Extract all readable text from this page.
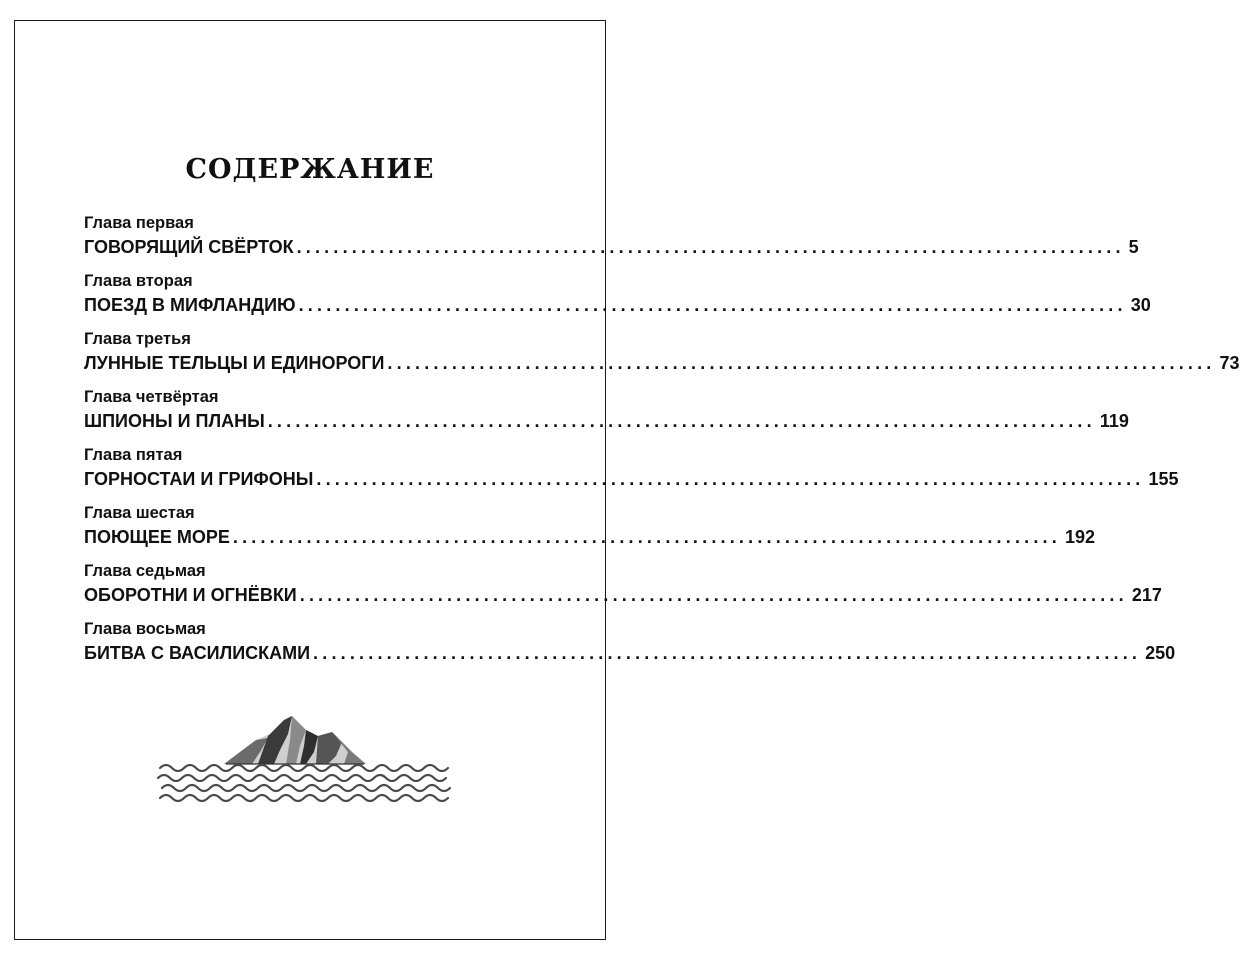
СОДЕРЖАНИЕ
Глава первая
ГОВОРЯЩИЙ СВЁРТОК .......................................................................................... 5
Глава вторая
ПОЕЗД В МИФЛАНДИЮ .......................................................................................... 30
Глава третья
ЛУННЫЕ ТЕЛЬЦЫ И ЕДИНОРОГИ .......................................................................................... 73
Глава четвёртая
ШПИОНЫ И ПЛАНЫ .......................................................................................... 119
Глава пятая
ГОРНОСТАИ И ГРИФОНЫ .......................................................................................... 155
Глава шестая
ПОЮЩЕЕ МОРЕ .......................................................................................... 192
Глава седьмая
ОБОРОТНИ И ОГНЁВКИ .......................................................................................... 217
Глава восьмая
БИТВА С ВАСИЛИСКАМИ .......................................................................................... 250
